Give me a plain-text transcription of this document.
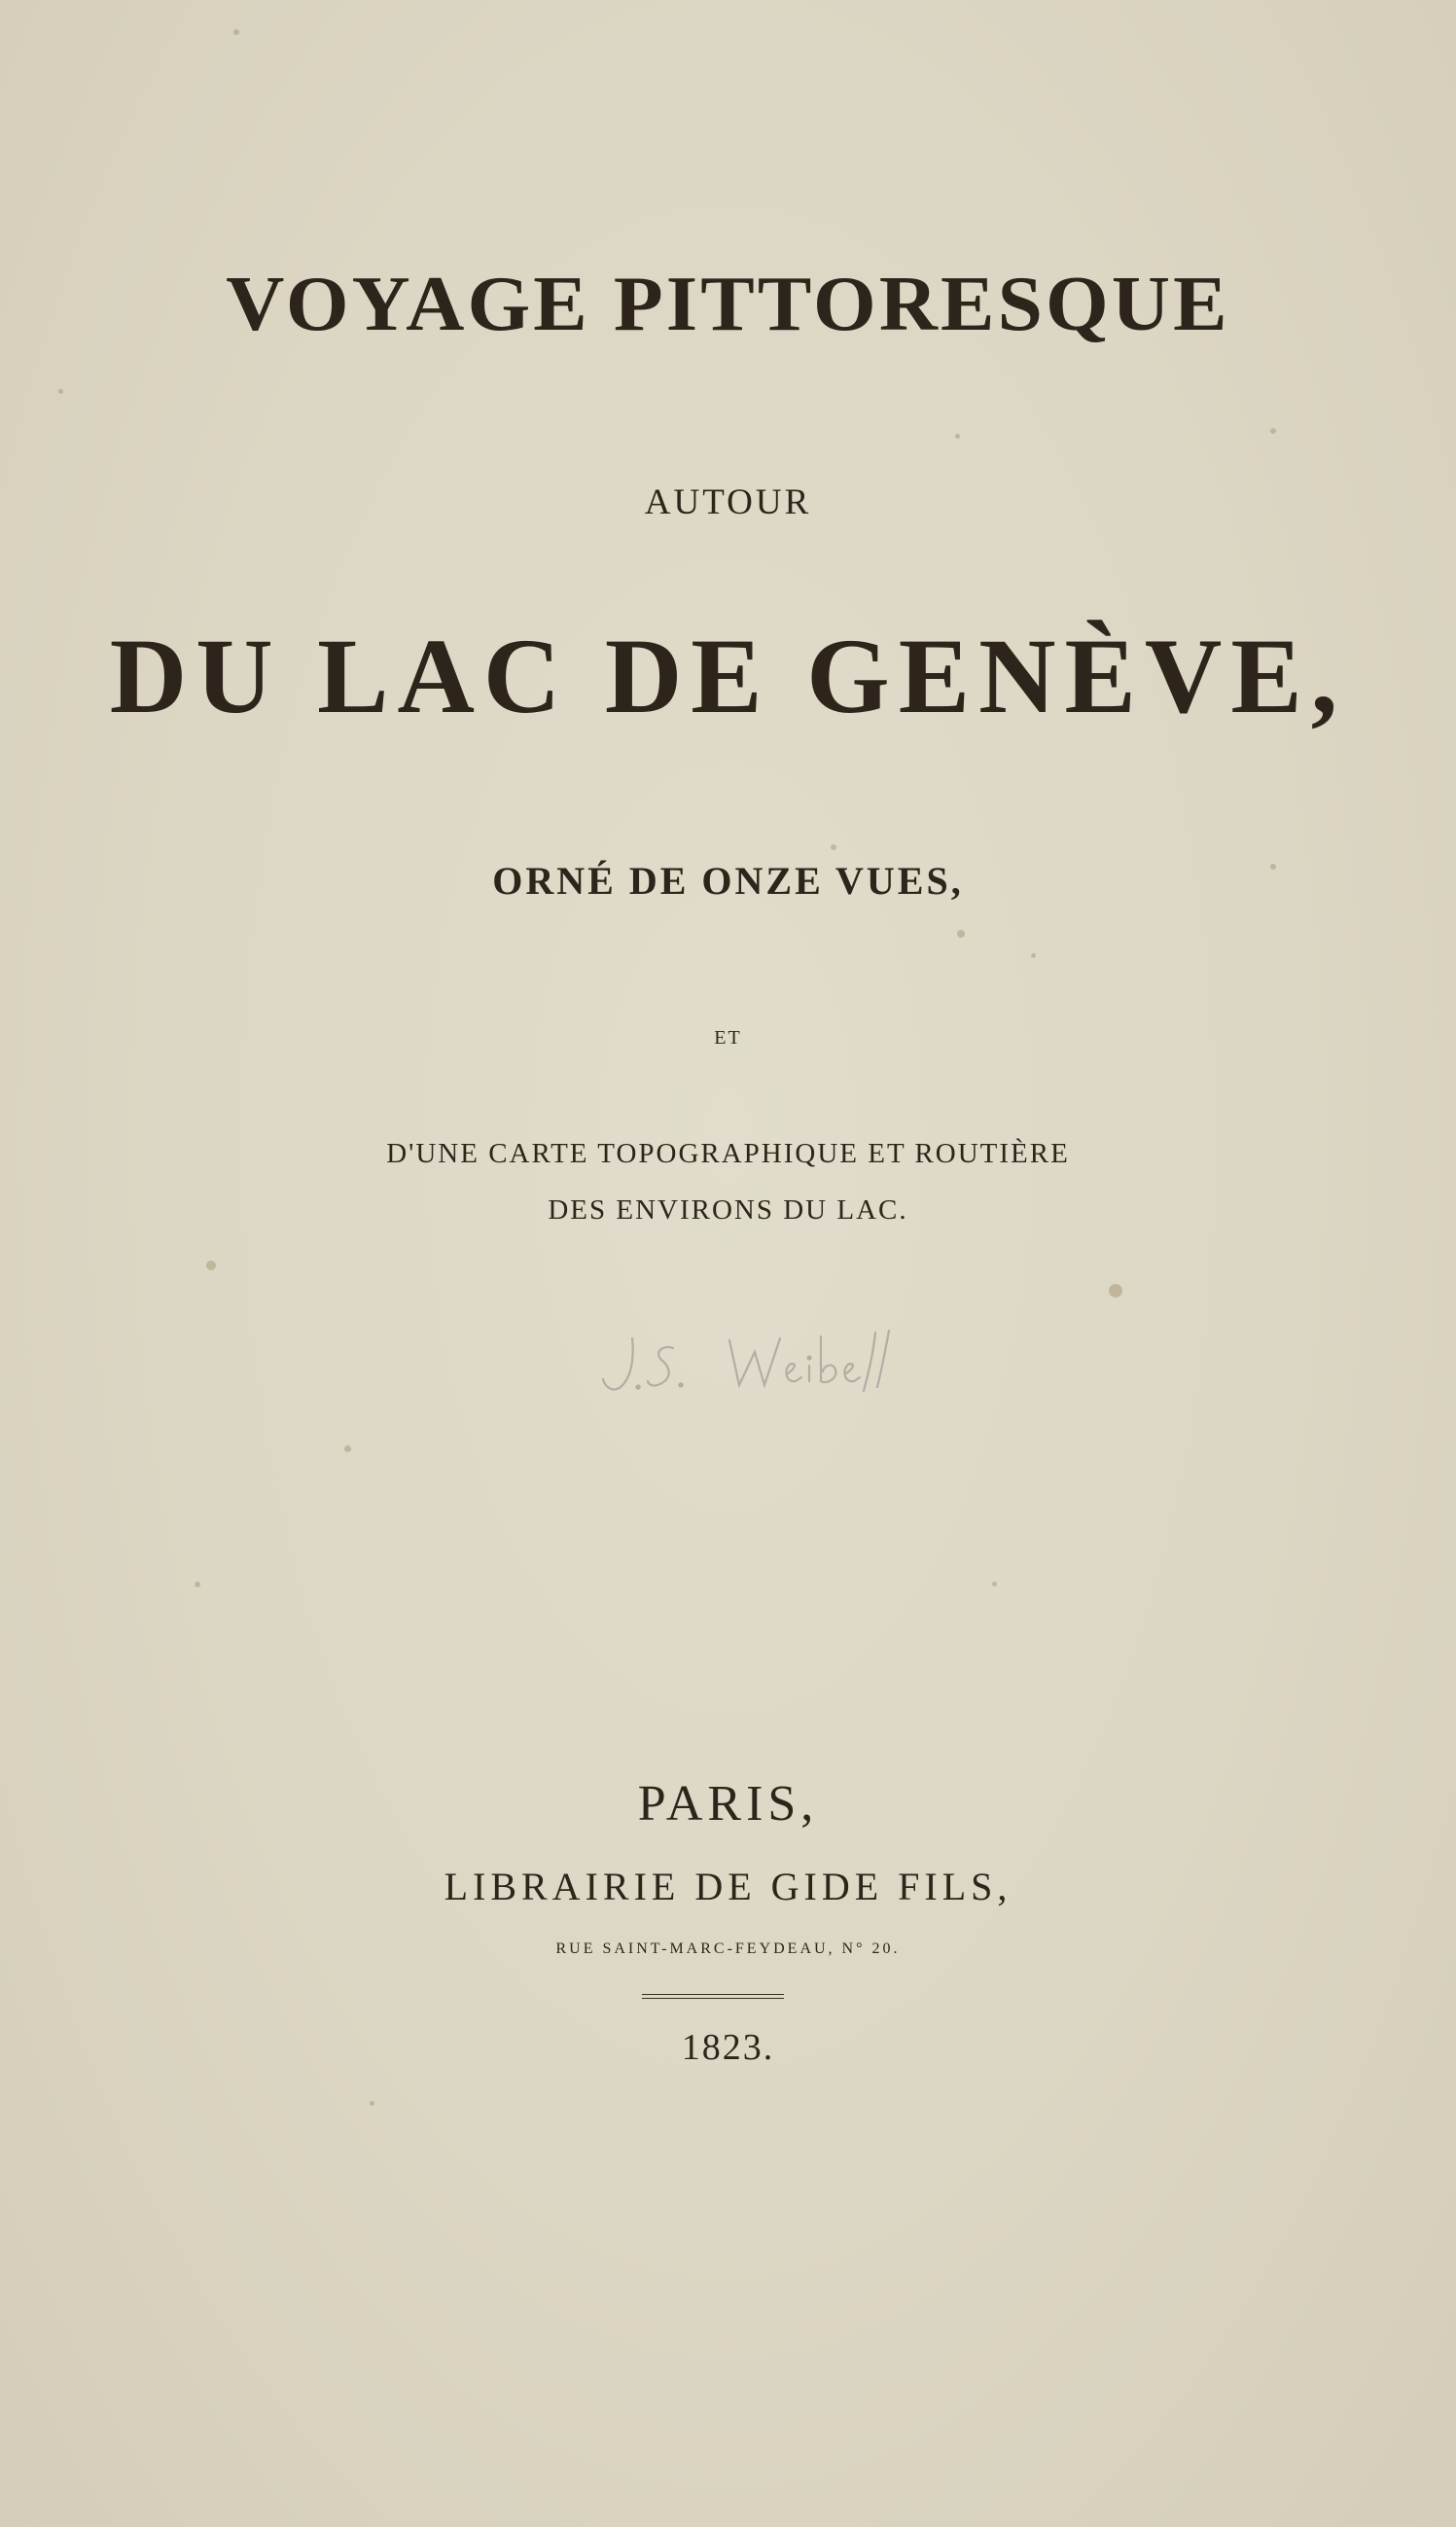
VOYAGE PITTORESQUE
AUTOUR
DU LAC DE GENÈVE,
ORNÉ DE ONZE VUES,
ET
D'UNE CARTE TOPOGRAPHIQUE ET ROUTIÈRE
DES ENVIRONS DU LAC.
PARIS,
LIBRAIRIE DE GIDE FILS,
RUE SAINT-MARC-FEYDEAU, N° 20.
1823.
